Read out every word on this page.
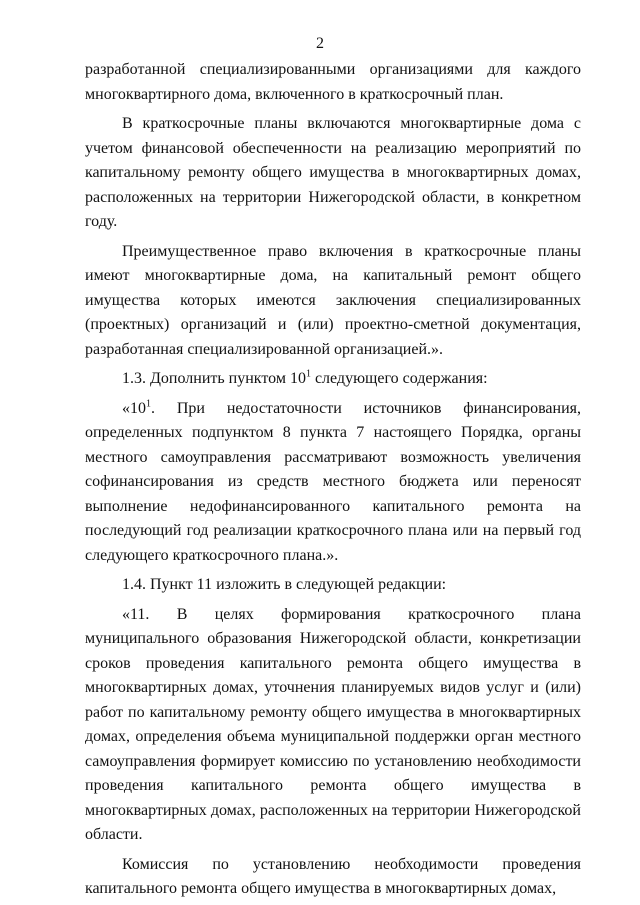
2

разработанной специализированными организациями для каждого многоквартирного дома, включенного в краткосрочный план.

В краткосрочные планы включаются многоквартирные дома с учетом финансовой обеспеченности на реализацию мероприятий по капитальному ремонту общего имущества в многоквартирных домах, расположенных на территории Нижегородской области, в конкретном году.

Преимущественное право включения в краткосрочные планы имеют многоквартирные дома, на капитальный ремонт общего имущества которых имеются заключения специализированных (проектных) организаций и (или) проектно-сметной документация, разработанная специализированной организацией.».

1.3. Дополнить пунктом $10^1$ следующего содержания:

«$10^1$. При недостаточности источников финансирования, определенных подпунктом 8 пункта 7 настоящего Порядка, органы местного самоуправления рассматривают возможность увеличения софинансирования из средств местного бюджета или переносят выполнение недофинансированного капитального ремонта на последующий год реализации краткосрочного плана или на первый год следующего краткосрочного плана.».

1.4. Пункт 11 изложить в следующей редакции:

«11. В целях формирования краткосрочного плана муниципального образования Нижегородской области, конкретизации сроков проведения капитального ремонта общего имущества в многоквартирных домах, уточнения планируемых видов услуг и (или) работ по капитальному ремонту общего имущества в многоквартирных домах, определения объема муниципальной поддержки орган местного самоуправления формирует комиссию по установлению необходимости проведения капитального ремонта общего имущества в многоквартирных домах, расположенных на территории Нижегородской области.

Комиссия по установлению необходимости проведения капитального ремонта общего имущества в многоквартирных домах,
